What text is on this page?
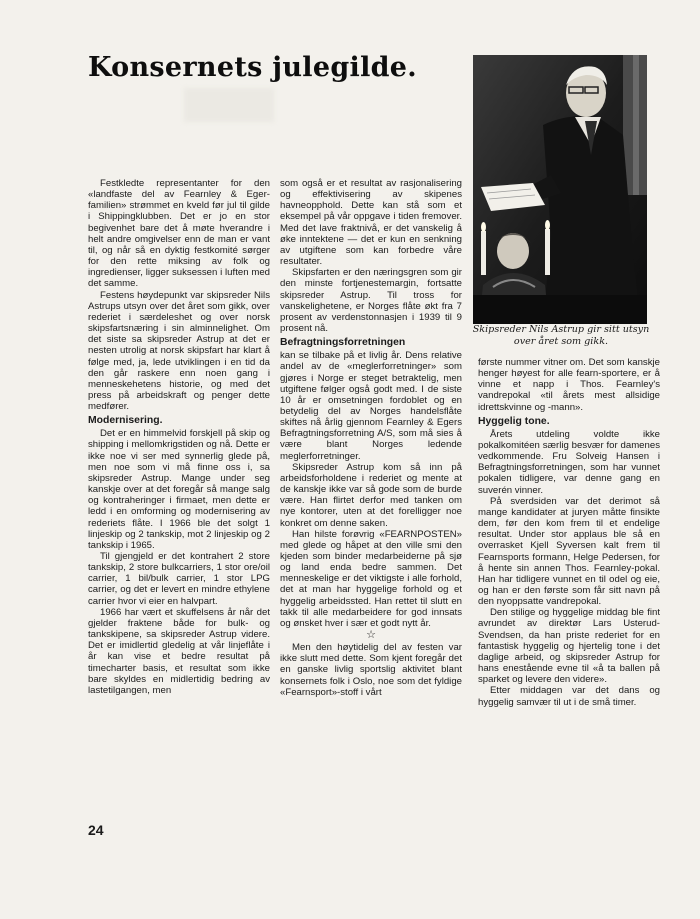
Konsernets julegilde.

Skipsreder Nils Astrup gir sitt utsyn over året som gikk.

Festkledte representanter for den «landfaste del av Fearnley & Eger-familien» strømmet en kveld før jul til gilde i Shippingklubben. Det er jo en stor begivenhet bare det å møte hverandre i helt andre omgivelser enn de man er vant til, og når så en dyktig festkomité sørger for den rette miksing av folk og ingredienser, ligger suksessen i luften med det samme.

Festens høydepunkt var skipsreder Nils Astrups utsyn over det året som gikk, over rederiet i særdeleshet og over norsk skipsfartsnæring i sin alminnelighet. Om det siste sa skipsreder Astrup at det er nesten utrolig at norsk skipsfart har klart å følge med, ja, lede utviklingen i en tid da den går raskere enn noen gang i menneskehetens historie, og med det press på arbeidskraft og penger dette medfører.

Modernisering.

Det er en himmelvid forskjell på skip og shipping i mellomkrigstiden og nå. Dette er ikke noe vi ser med synnerlig glede på, men noe som vi må finne oss i, sa skipsreder Astrup. Mange under seg kanskje over at det foregår så mange salg og kontraheringer i firmaet, men dette er ledd i en omforming og modernisering av rederiets flåte. I 1966 ble det solgt 1 linjeskip og 2 tankskip, mot 2 linjeskip og 2 tankskip i 1965.

Til gjengjeld er det kontrahert 2 store tankskip, 2 store bulkcarriers, 1 stor ore/oil carrier, 1 bil/bulk carrier, 1 stor LPG carrier, og det er levert en mindre ethylene carrier hvor vi eier en halvpart.

1966 har vært et skuffelsens år når det gjelder fraktene både for bulk- og tankskipene, sa skipsreder Astrup videre. Det er imidlertid gledelig at vår linjeflåte i år kan vise et bedre resultat på timecharter basis, et resultat som ikke bare skyldes en midlertidig bedring av lastetilgangen, men

som også er et resultat av rasjonalisering og effektivisering av skipenes havneopphold. Dette kan stå som et eksempel på vår oppgave i tiden fremover. Med det lave fraktnivå, er det vanskelig å øke inntektene — det er kun en senkning av utgiftene som kan forbedre våre resultater.

Skipsfarten er den næringsgren som gir den minste fortjenestemargin, fortsatte skipsreder Astrup. Til tross for vanskelighetene, er Norges flåte økt fra 7 prosent av verdenstonnasjen i 1939 til 9 prosent nå.

Befragtningsforretningen

kan se tilbake på et livlig år. Dens relative andel av de «meglerforretninger» som gjøres i Norge er steget betraktelig, men utgiftene følger også godt med. I de siste 10 år er omsetningen fordoblet og en betydelig del av Norges handelsflåte skiftes nå årlig gjennom Fearnley & Egers Befragtningsforretning A/S, som må sies å være blant Norges ledende meglerforretninger.

Skipsreder Astrup kom så inn på arbeidsforholdene i rederiet og mente at de kanskje ikke var så gode som de burde være. Han flirtet derfor med tanken om nye kontorer, uten at det forelligger noe konkret om denne saken.

Han hilste forøvrig «FEARNPOSTEN» med glede og håpet at den ville smi den kjeden som binder medarbeiderne på sjø og land enda bedre sammen. Det menneskelige er det viktigste i alle forhold, det at man har hyggelige forhold og et hyggelig arbeidssted. Han rettet til slutt en takk til alle medarbeidere for god innsats og ønsket hver i sær et godt nytt år.

☆

Men den høytidelig del av festen var ikke slutt med dette. Som kjent foregår det en ganske livlig sportslig aktivitet blant konsernets folk i Oslo, noe som det fyldige «Fearnsport»-stoff i vårt

første nummer vitner om. Det som kanskje henger høyest for alle fearn-sportere, er å vinne et napp i Thos. Fearnley's vandrepokal «til årets mest allsidige idrettskvinne og -mann».

Hyggelig tone.

Årets utdeling voldte ikke pokalkomitéen særlig besvær for damenes vedkommende. Fru Solveig Hansen i Befragtningsforretningen, som har vunnet pokalen tidligere, var denne gang en suverén vinner.

På sverdsiden var det derimot så mange kandidater at juryen måtte finsikte dem, før den kom frem til et endelige resultat. Under stor applaus ble så en overrasket Kjell Syversen kalt frem til Fearnsports formann, Helge Pedersen, for å hente sin annen Thos. Fearnley-pokal. Han har tidligere vunnet en til odel og eie, og han er den første som får sitt navn på den nyoppsatte vandrepokal.

Den stilige og hyggelige middag ble fint avrundet av direktør Lars Usterud-Svendsen, da han priste rederiet for en fantastisk hyggelig og hjertelig tone i det daglige arbeid, og skipsreder Astrup for hans enestående evne til «å ta ballen på sparket og levere den videre».

Etter middagen var det dans og hyggelig samvær til ut i de små timer.

24
